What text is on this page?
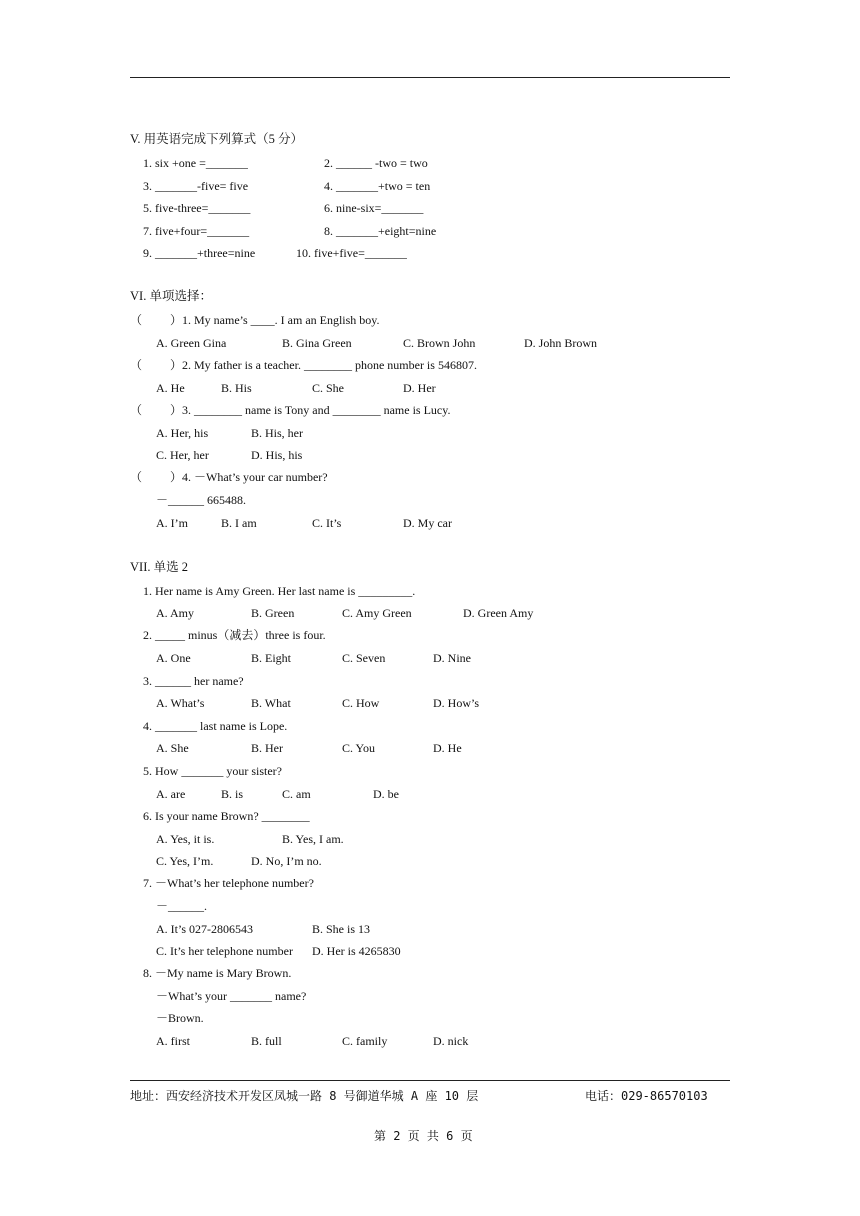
V. 用英语完成下列算式（5 分）
1. six +one =_______	2. ______ -two = two
3. _______-five= five	4. _______+two = ten
5. five-three=_______	6. nine-six=_______
7. five+four=_______	8. _______+eight=nine
9. _______+three=nine	10. five+five=_______
VI. 单项选择：
（ ）1. My name’s ____. I am an English boy.
A. Green Gina	B. Gina Green	C. Brown John	D. John Brown
（ ）2. My father is a teacher. ________ phone number is 546807.
A. He	B. His	C. She	D. Her
（ ）3. ________ name is Tony and ________ name is Lucy.
A. Her, his	B. His, her
C. Her, her	D. His, his
（ ）4. －What’s your car number?
－______ 665488.
A. I’m	B. I am	C. It’s	D. My car
VII. 单选 2
1. Her name is Amy Green. Her last name is _________.
A. Amy	B. Green	C. Amy Green	D. Green Amy
2. _____ minus（减去）three is four.
A. One	B. Eight	C. Seven	D. Nine
3. ______ her name?
A. What’s	B. What	C. How	D. How’s
4. _______ last name is Lope.
A. She	B. Her	C. You	D. He
5. How _______ your sister?
A. are	B. is	C. am	D. be
6. Is your name Brown? ________
A. Yes, it is.	B. Yes, I am.
C. Yes, I’m.	D. No, I’m no.
7. －What’s her telephone number?
－______.
A. It’s 027-2806543	B. She is 13
C. It’s her telephone number D. Her is 4265830
8. －My name is Mary Brown.
－What’s your _______ name?
－Brown.
A. first	B. full	C. family	D. nick
地址：西安经济技术开发区凤城一路 8 号御道华城 A 座 10 层	电话：029-86570103
第 2 页 共 6 页
